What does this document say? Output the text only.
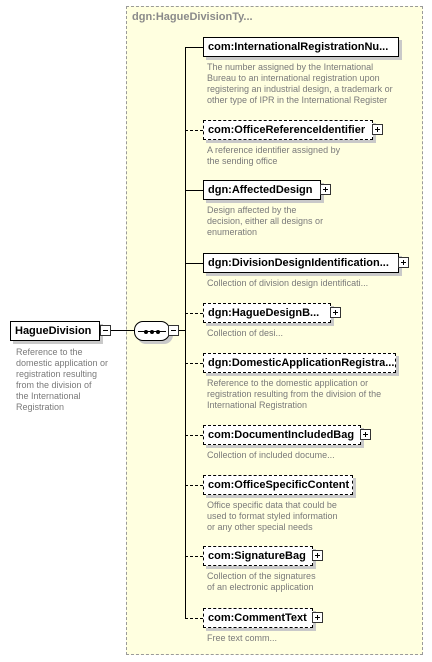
dgn:HagueDivisionTy...
HagueDivision
Reference to the
domestic application or
registration resulting
from the division of
the International
Registration
com:InternationalRegistrationNu...
The number assigned by the International
Bureau to an international registration upon
registering an industrial design, a trademark or
other type of IPR in the International Register
com:OfficeReferenceIdentifier
A reference identifier assigned by
the sending office
dgn:AffectedDesign
Design affected by the
decision, either all designs or
enumeration
dgn:DivisionDesignIdentification...
Collection of division design identificati...
dgn:HagueDesignB...
Collection of desi...
dgn:DomesticApplicationRegistra...
Reference to the domestic application or
registration resulting from the division of the
International Registration
com:DocumentIncludedBag
Collection of included docume...
com:OfficeSpecificContent
Office specific data that could be
used to format styled information
or any other special needs
com:SignatureBag
Collection of the signatures
of an electronic application
com:CommentText
Free text comm...
